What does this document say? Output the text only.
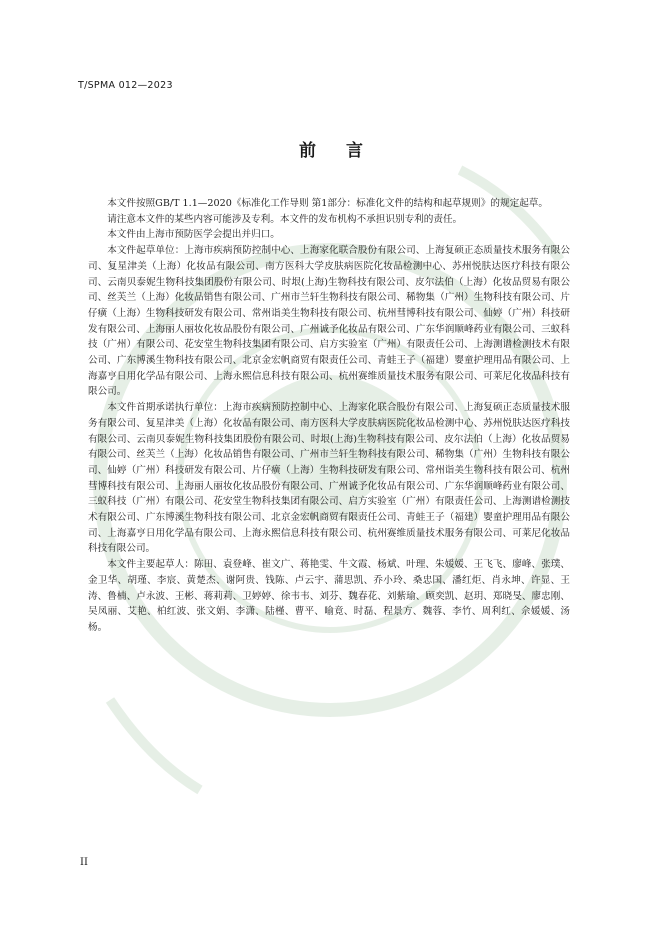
T/SPMA 012—2023
前言

本文件按照GB/T 1.1—2020《标准化工作导则 第1部分：标准化文件的结构和起草规则》的规定起草。

请注意本文件的某些内容可能涉及专利。本文件的发布机构不承担识别专利的责任。

本文件由上海市预防医学会提出并归口。

本文件起草单位：上海市疾病预防控制中心、上海家化联合股份有限公司、上海复硕正态质量技术服务有限公司、复星津美（上海）化妆品有限公司、南方医科大学皮肤病医院化妆品检测中心、苏州悦肤达医疗科技有限公司、云南贝泰妮生物科技集团股份有限公司、时垠(上海)生物科技有限公司、皮尔法伯（上海）化妆品贸易有限公司、丝芙兰（上海）化妆品销售有限公司、广州市兰轩生物科技有限公司、稀物集（广州）生物科技有限公司、片仔癀（上海）生物科技研发有限公司、常州诣美生物科技有限公司、杭州彗博科技有限公司、仙婷（广州）科技研发有限公司、上海丽人丽妆化妆品股份有限公司、广州诚予化妆品有限公司、广东华润顺峰药业有限公司、三蚁科技（广州）有限公司、花安堂生物科技集团有限公司、启方实验室（广州）有限责任公司、上海测谱检测技术有限公司、广东博溪生物科技有限公司、北京金宏帆商贸有限责任公司、青蛙王子（福建）婴童护理用品有限公司、上海嘉亨日用化学品有限公司、上海永熙信息科技有限公司、杭州赛维质量技术服务有限公司、可莱尼化妆品科技有限公司。

本文件首期承诺执行单位：上海市疾病预防控制中心、上海家化联合股份有限公司、上海复硕正态质量技术服务有限公司、复星津美（上海）化妆品有限公司、南方医科大学皮肤病医院化妆品检测中心、苏州悦肤达医疗科技有限公司、云南贝泰妮生物科技集团股份有限公司、时垠(上海)生物科技有限公司、皮尔法伯（上海）化妆品贸易有限公司、丝芙兰（上海）化妆品销售有限公司、广州市兰轩生物科技有限公司、稀物集（广州）生物科技有限公司、仙婷（广州）科技研发有限公司、片仔癀（上海）生物科技研发有限公司、常州诣美生物科技有限公司、杭州彗博科技有限公司、上海丽人丽妆化妆品股份有限公司、广州诚予化妆品有限公司、广东华润顺峰药业有限公司、三蚁科技（广州）有限公司、花安堂生物科技集团有限公司、启方实验室（广州）有限责任公司、上海测谱检测技术有限公司、广东博溪生物科技有限公司、北京金宏帆商贸有限责任公司、青蛙王子（福建）婴童护理用品有限公司、上海嘉亨日用化学品有限公司、上海永熙信息科技有限公司、杭州赛维质量技术服务有限公司、可莱尼化妆品科技有限公司。

本文件主要起草人：陈田、袁登峰、崔文广、蒋艳雯、牛文霞、杨斌、叶理、朱媛媛、王飞飞、廖峰、张璞、金卫华、胡瑾、李宸、黄楚杰、谢阿贵、钱陈、卢云宇、蒲思凯、乔小玲、桑忠国、潘红炬、肖永坤、许显、王涛、鲁楠、卢永波、王彬、蒋莉莉、卫婷婷、徐韦韦、刘芬、魏春花、刘紫瑜、顾奕凯、赵玥、郑晓旻、廖忠刚、吴凤丽、艾艳、柏红波、张文娟、李潇、陆槿、曹平、喻竟、时磊、程景方、魏蓉、李竹、周利红、佘媛媛、汤杨。

II
